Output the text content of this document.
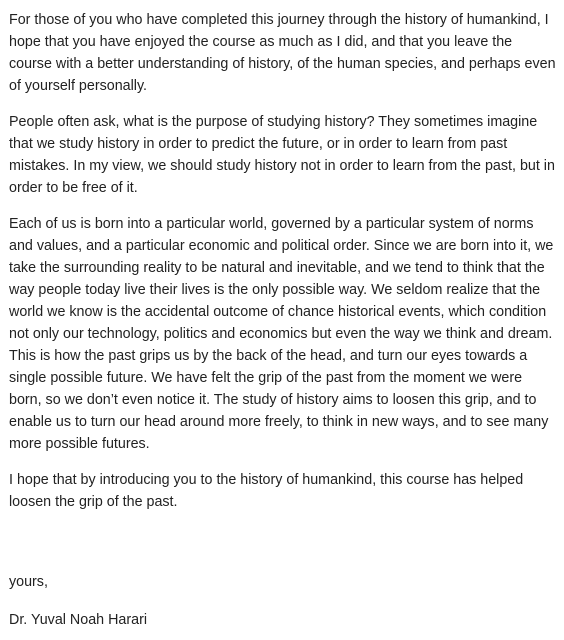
For those of you who have completed this journey through the history of humankind, I hope that you have enjoyed the course as much as I did, and that you leave the course with a better understanding of history, of the human species, and perhaps even of yourself personally.

People often ask, what is the purpose of studying history? They sometimes imagine that we study history in order to predict the future, or in order to learn from past mistakes. In my view, we should study history not in order to learn from the past, but in order to be free of it.

Each of us is born into a particular world, governed by a particular system of norms and values, and a particular economic and political order. Since we are born into it, we take the surrounding reality to be natural and inevitable, and we tend to think that the way people today live their lives is the only possible way. We seldom realize that the world we know is the accidental outcome of chance historical events, which condition not only our technology, politics and economics but even the way we think and dream. This is how the past grips us by the back of the head, and turn our eyes towards a single possible future. We have felt the grip of the past from the moment we were born, so we don’t even notice it. The study of history aims to loosen this grip, and to enable us to turn our head around more freely, to think in new ways, and to see many more possible futures.

I hope that by introducing you to the history of humankind, this course has helped loosen the grip of the past.

yours,

Dr. Yuval Noah Harari
